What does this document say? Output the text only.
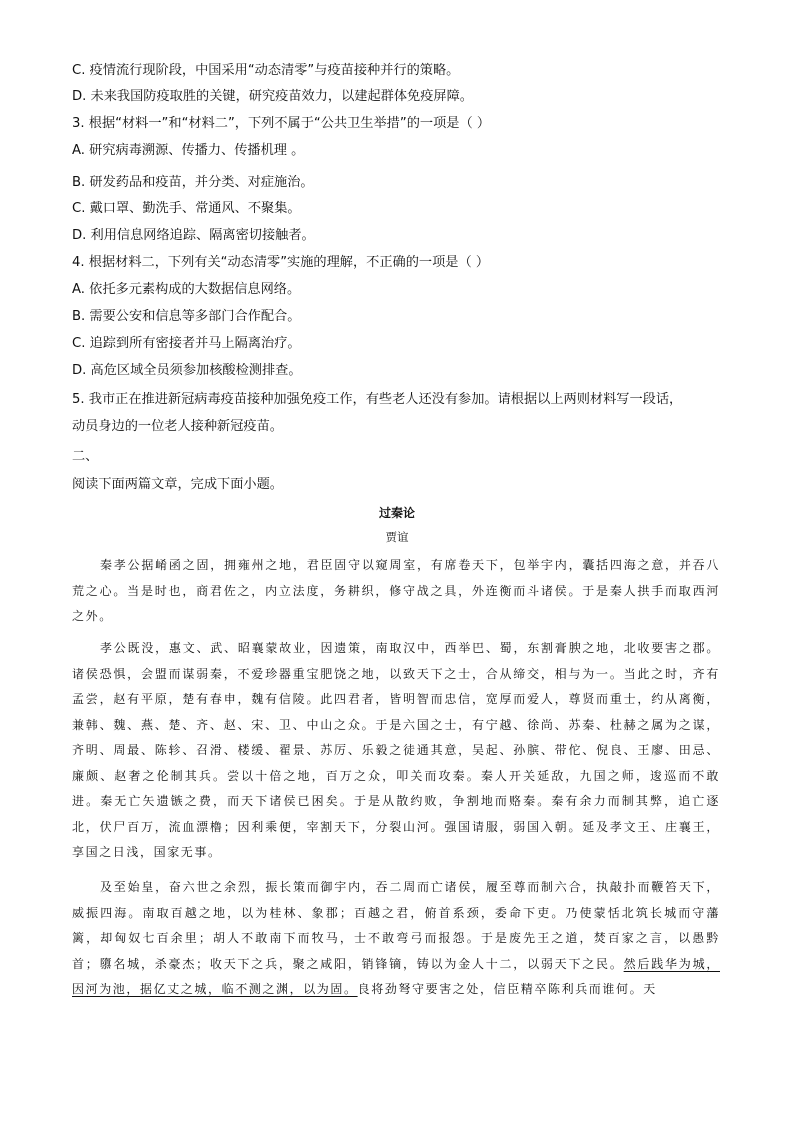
C. 疫情流行现阶段，中国采用“动态清零”与疫苗接种并行的策略。
D. 未来我国防疫取胜的关键，研究疫苗效力，以建起群体免疫屏障。
3. 根据“材料一”和“材料二”，下列不属于“公共卫生举措”的一项是（ ）
A. 研究病毒溯源、传播力、传播机理 。
B. 研发药品和疫苗，并分类、对症施治。
C. 戴口罩、勤洗手、常通风、不聚集。
D. 利用信息网络追踪、隔离密切接触者。
4. 根据材料二，下列有关“动态清零”实施的理解，不正确的一项是（ ）
A. 依托多元素构成的大数据信息网络。
B. 需要公安和信息等多部门合作配合。
C. 追踪到所有密接者并马上隔离治疗。
D. 高危区域全员须参加核酸检测排查。
5. 我市正在推进新冠病毒疫苗接种加强免疫工作，有些老人还没有参加。请根据以上两则材料写一段话，
动员身边的一位老人接种新冠疫苗。
二、
阅读下面两篇文章，完成下面小题。
过秦论
贾谊

秦孝公据崤函之固，拥雍州之地，君臣固守以窥周室，有席卷天下，包举宇内，囊括四海之意，并吞八荒之心。当是时也，商君佐之，内立法度，务耕织，修守战之具，外连衡而斗诸侯。于是秦人拱手而取西河之外。

孝公既没，惠文、武、昭襄蒙故业，因遗策，南取汉中，西举巴、蜀，东割膏腴之地，北收要害之郡。诸侯恐惧，会盟而谋弱秦，不爱珍器重宝肥饶之地，以致天下之士，合从缔交，相与为一。当此之时，齐有孟尝，赵有平原，楚有春申，魏有信陵。此四君者，皆明智而忠信，宽厚而爱人，尊贤而重士，约从离衡，兼韩、魏、燕、楚、齐、赵、宋、卫、中山之众。于是六国之士，有宁越、徐尚、苏秦、杜赫之属为之谋，齐明、周最、陈轸、召滑、楼缓、翟景、苏厉、乐毅之徒通其意，吴起、孙膑、带佗、倪良、王廖、田忌、廉颇、赵奢之伦制其兵。尝以十倍之地，百万之众，叩关而攻秦。秦人开关延敌，九国之师，逡巡而不敢进。秦无亡矢遗镞之费，而天下诸侯已困矣。于是从散约败，争割地而赂秦。秦有余力而制其弊，追亡逐北，伏尸百万，流血漂橹；因利乘便，宰割天下，分裂山河。强国请服，弱国入朝。延及孝文王、庄襄王，享国之日浅，国家无事。

及至始皇，奋六世之余烈，振长策而御宇内，吞二周而亡诸侯，履至尊而制六合，执敲扑而鞭笞天下，威振四海。南取百越之地，以为桂林、象郡；百越之君，俯首系颈，委命下吏。乃使蒙恬北筑长城而守藩篱，却匈奴七百余里；胡人不敢南下而牧马，士不敢弯弓而报怨。于是废先王之道，焚百家之言，以愚黔首；隳名城，杀豪杰；收天下之兵，聚之咸阳，销锋镝，铸以为金人十二，以弱天下之民。然后践华为城，因河为池，据亿丈之城，临不测之渊，以为固。良将劲弩守要害之处，信臣精卒陈利兵而谁何。天
